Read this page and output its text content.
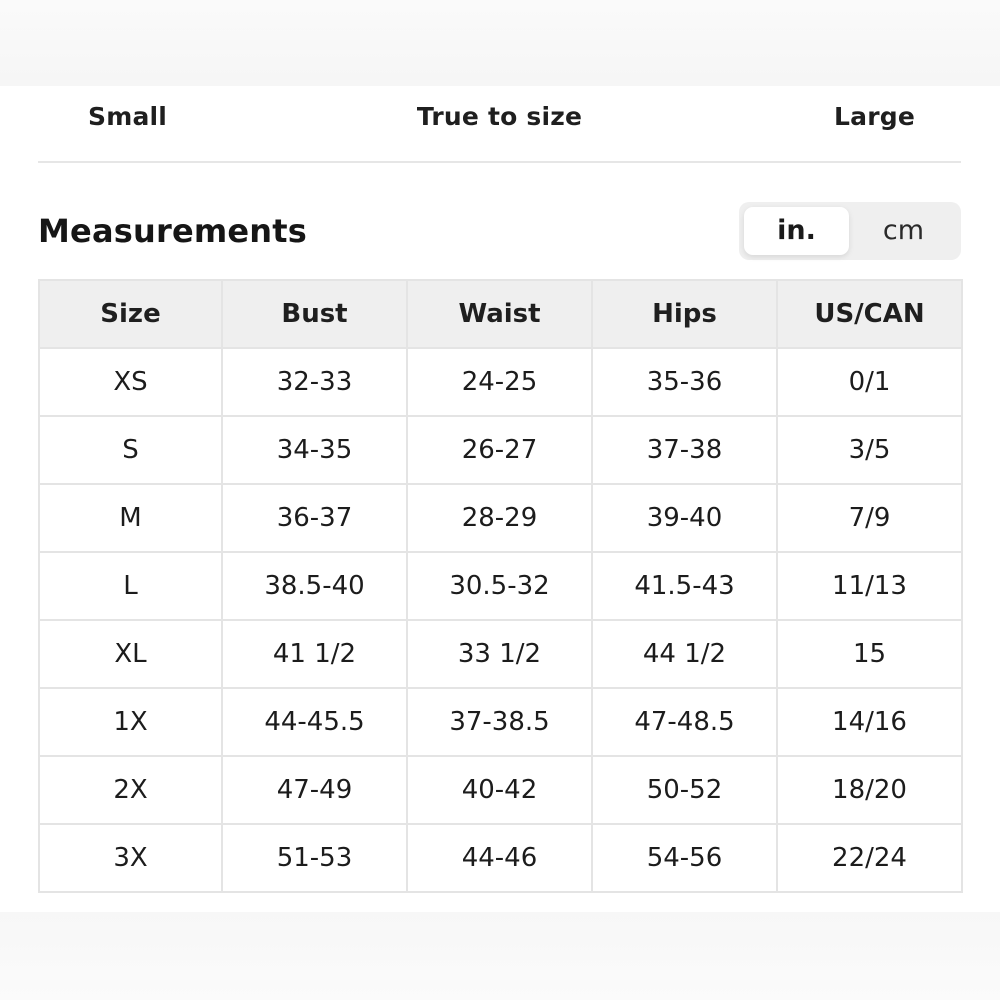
Small	True to size	Large
Measurements	in.	cm
Size	Bust	Waist	Hips	US/CAN
XS	32-33	24-25	35-36	0/1
S	34-35	26-27	37-38	3/5
M	36-37	28-29	39-40	7/9
L	38.5-40	30.5-32	41.5-43	11/13
XL	41 1/2	33 1/2	44 1/2	15
1X	44-45.5	37-38.5	47-48.5	14/16
2X	47-49	40-42	50-52	18/20
3X	51-53	44-46	54-56	22/24
